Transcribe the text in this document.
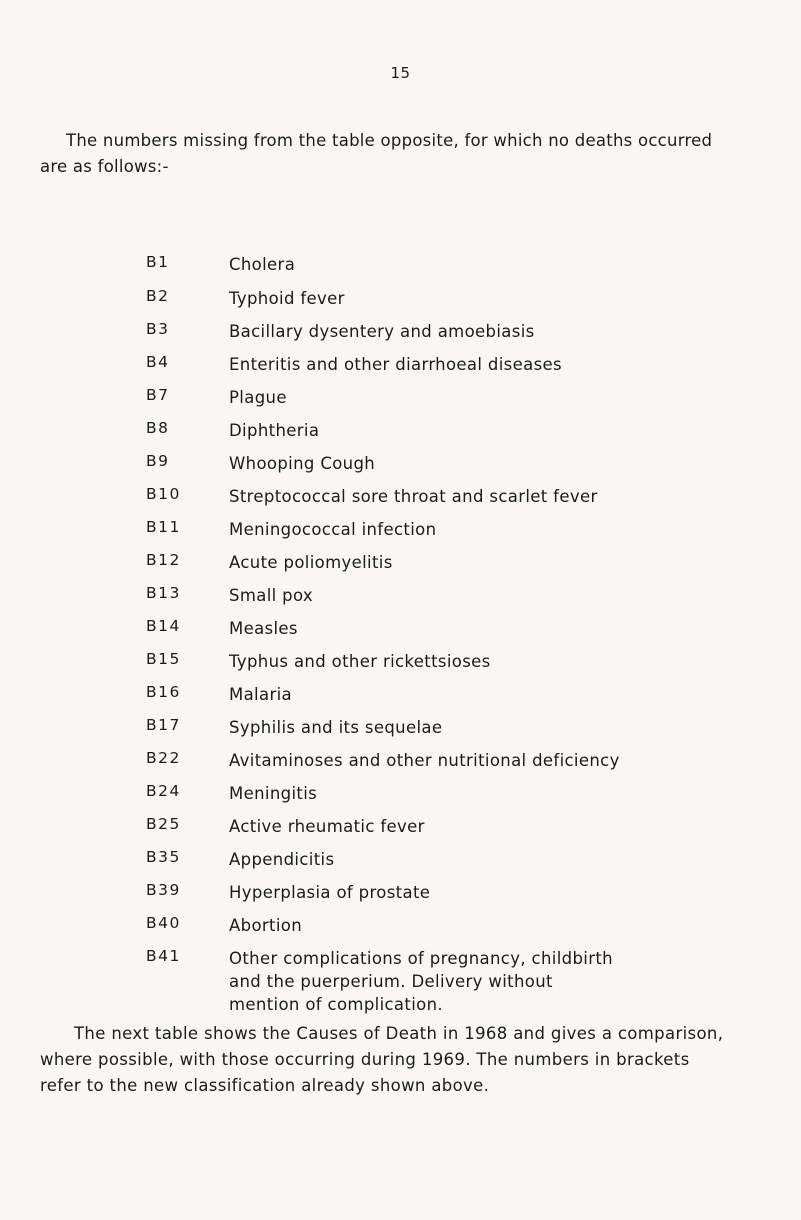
15

The numbers missing from the table opposite, for which no deaths occurred
are as follows:-

B1	Cholera
B2	Typhoid fever
B3	Bacillary dysentery and amoebiasis
B4	Enteritis and other diarrhoeal diseases
B7	Plague
B8	Diphtheria
B9	Whooping Cough
B10	Streptococcal sore throat and scarlet fever
B11	Meningococcal infection
B12	Acute poliomyelitis
B13	Small pox
B14	Measles
B15	Typhus and other rickettsioses
B16	Malaria
B17	Syphilis and its sequelae
B22	Avitaminoses and other nutritional deficiency
B24	Meningitis
B25	Active rheumatic fever
B35	Appendicitis
B39	Hyperplasia of prostate
B40	Abortion
B41	Other complications of pregnancy, childbirth
and the puerperium. Delivery without
mention of complication.

The next table shows the Causes of Death in 1968 and gives a comparison,
where possible, with those occurring during 1969. The numbers in brackets
refer to the new classification already shown above.
